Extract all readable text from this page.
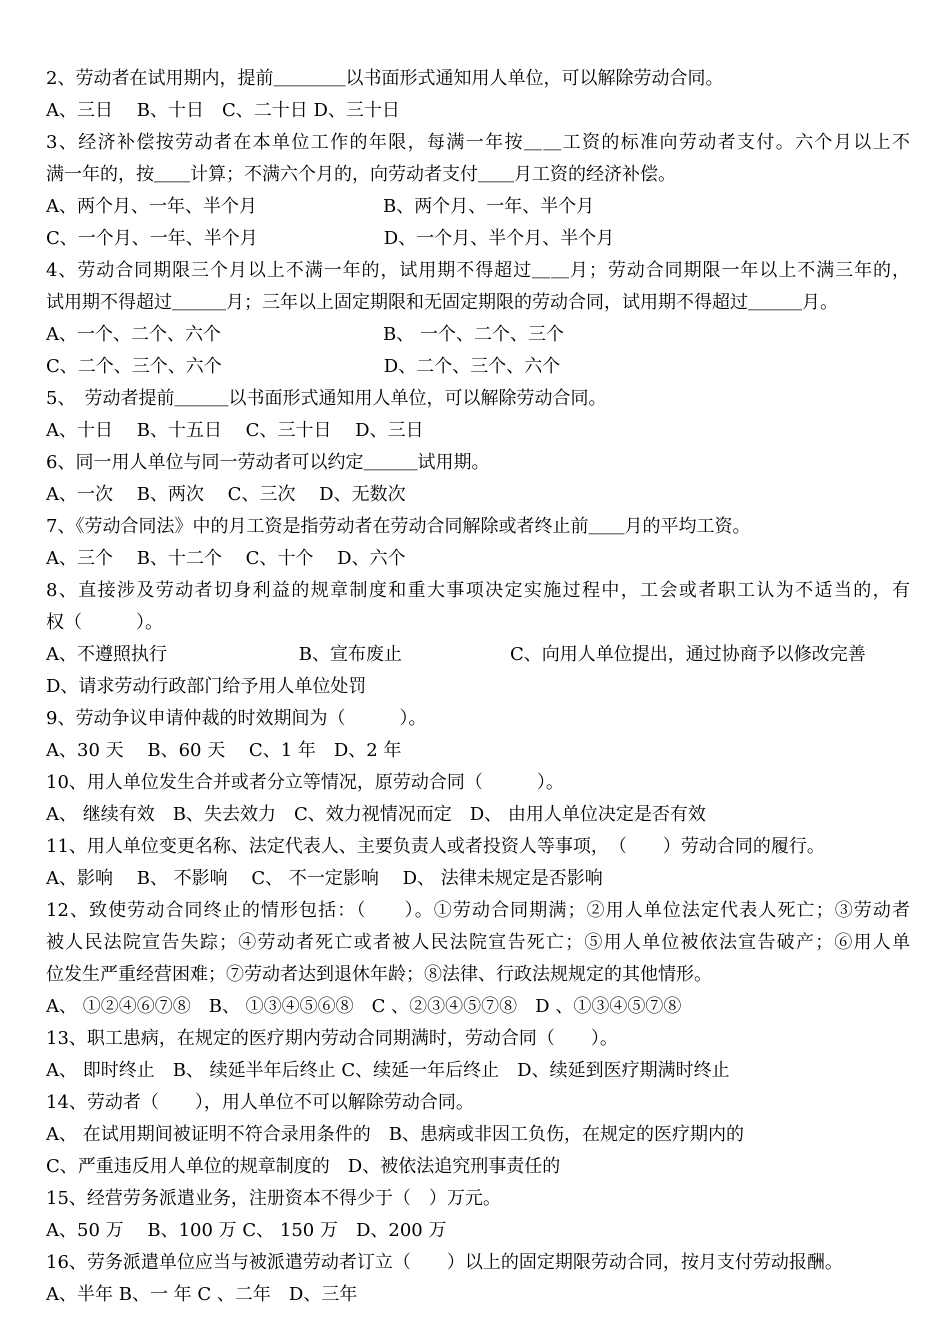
2、劳动者在试用期内，提前＿＿＿＿以书面形式通知用人单位，可以解除劳动合同。
A、三日　 B、十日　C、二十日 D、三十日
3、经济补偿按劳动者在本单位工作的年限，每满一年按＿＿工资的标准向劳动者支付。六个月以上不
满一年的，按＿＿计算；不满六个月的，向劳动者支付＿＿月工资的经济补偿。
A、两个月、一年、半个月　　　　　　　B、两个月、一年、半个月
C、一个月、一年、半个月　　　　　　　D、一个月、半个月、半个月
4、劳动合同期限三个月以上不满一年的，试用期不得超过＿＿月；劳动合同期限一年以上不满三年的，
试用期不得超过＿＿＿月；三年以上固定期限和无固定期限的劳动合同，试用期不得超过＿＿＿月。
A、一个、二个、六个　　　　　　　　　B、 一个、二个、三个
C、二个、三个、六个　　　　　　　　　D、二个、三个、六个
5、　劳动者提前＿＿＿以书面形式通知用人单位，可以解除劳动合同。
A、十日　 B、十五日　 C、三十日　 D、三日
6、同一用人单位与同一劳动者可以约定＿＿＿试用期。
A、一次　 B、两次　 C、三次　 D、无数次
7、《劳动合同法》中的月工资是指劳动者在劳动合同解除或者终止前＿＿月的平均工资。
A、三个　 B、十二个　 C、十个　 D、六个
8、直接涉及劳动者切身利益的规章制度和重大事项决定实施过程中，工会或者职工认为不适当的，有
权（　　　）。
A、不遵照执行　　　　　　　 B、宣布废止　　　　　　C、向用人单位提出，通过协商予以修改完善
D、请求劳动行政部门给予用人单位处罚
9、劳动争议申请仲裁的时效期间为（　　　）。
A、30 天　 B、60 天　 C、1 年　D、2 年
10、用人单位发生合并或者分立等情况，原劳动合同（　　　）。
A、 继续有效　B、失去效力　C、效力视情况而定　D、 由用人单位决定是否有效
11、用人单位变更名称、法定代表人、主要负责人或者投资人等事项，　（　　）劳动合同的履行。
A、影响　 B、 不影响　 C、 不一定影响　 D、 法律未规定是否影响
12、致使劳动合同终止的情形包括：（　　）。①劳动合同期满；②用人单位法定代表人死亡；③劳动者
被人民法院宣告失踪；④劳动者死亡或者被人民法院宣告死亡；⑤用人单位被依法宣告破产；⑥用人单
位发生严重经营困难；⑦劳动者达到退休年龄；⑧法律、行政法规规定的其他情形。
A、 ①②④⑥⑦⑧　B、 ①③④⑤⑥⑧　C 、②③④⑤⑦⑧　D 、①③④⑤⑦⑧
13、职工患病，在规定的医疗期内劳动合同期满时，劳动合同（　　）。
A、 即时终止　B、 续延半年后终止 C、续延一年后终止　D、续延到医疗期满时终止
14、劳动者（　　），用人单位不可以解除劳动合同。
A、 在试用期间被证明不符合录用条件的　B、患病或非因工负伤，在规定的医疗期内的
C、严重违反用人单位的规章制度的　D、被依法追究刑事责任的
15、经营劳务派遣业务，注册资本不得少于（　）万元。
A、50 万　 B、100 万 C、 150 万　D、200 万
16、劳务派遣单位应当与被派遣劳动者订立（　　）以上的固定期限劳动合同，按月支付劳动报酬。
A、半年 B、一 年 C 、二年　D、三年
